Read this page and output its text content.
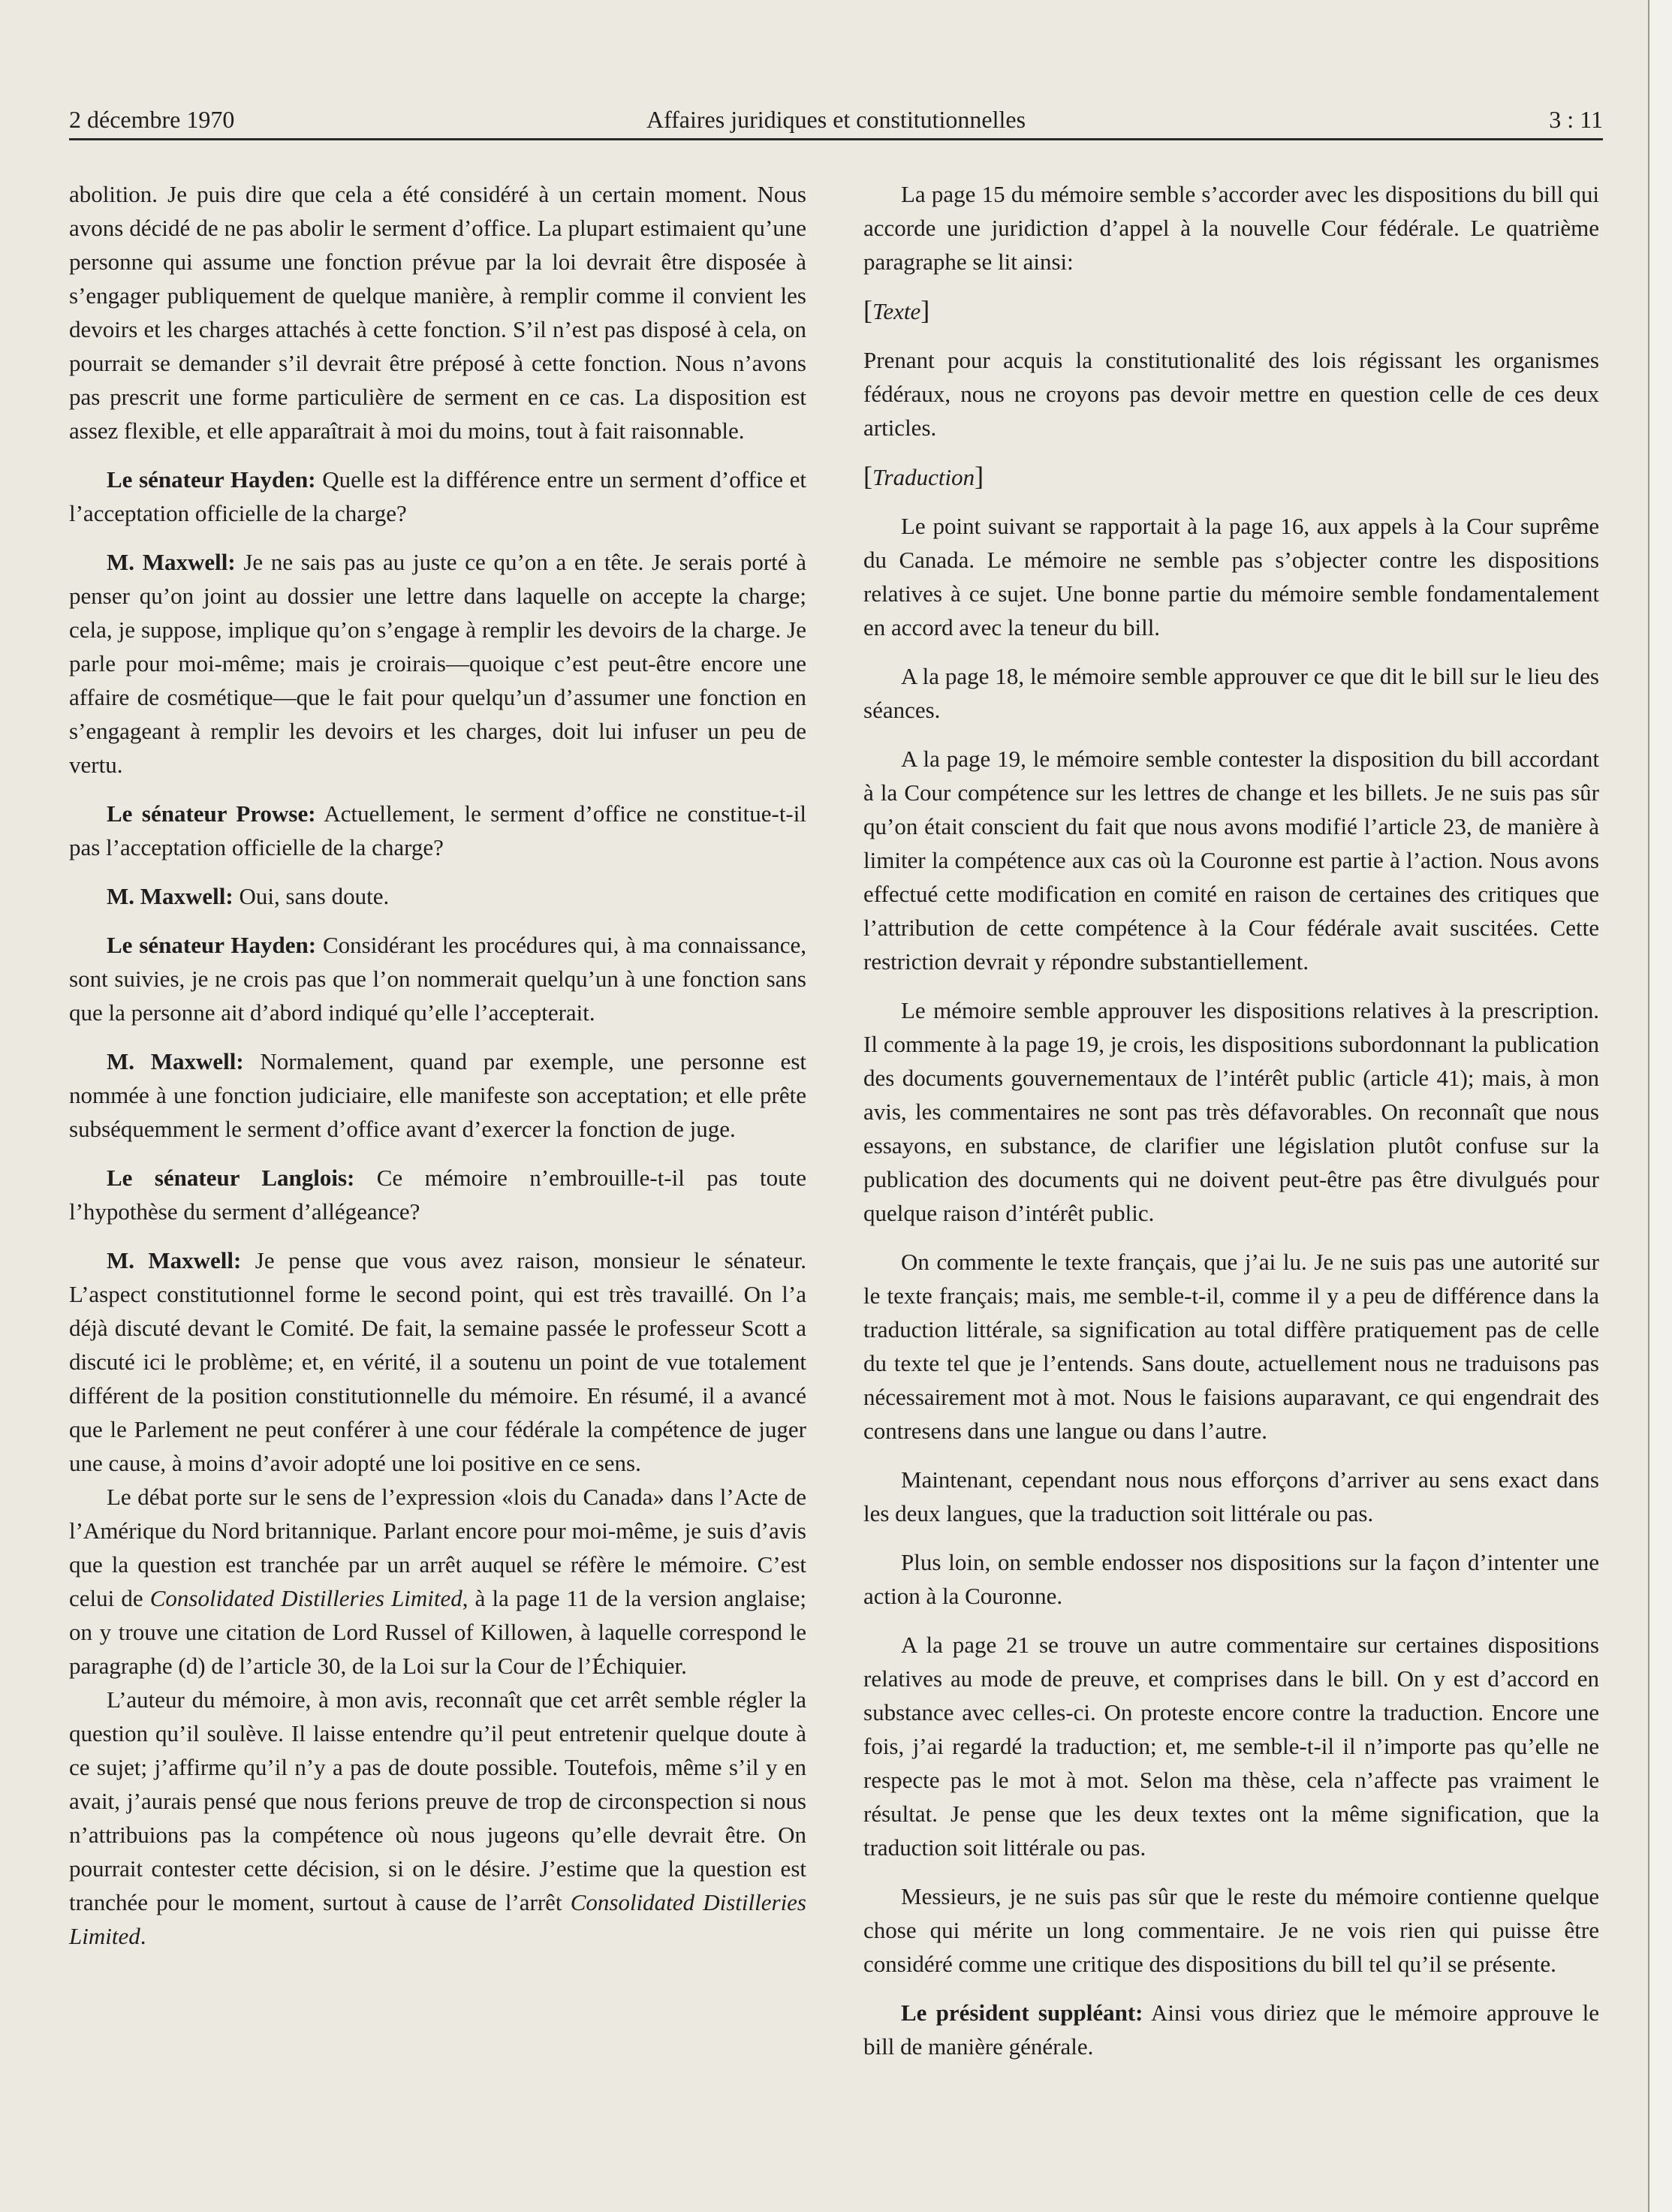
2 décembre 1970	Affaires juridiques et constitutionnelles	3 : 11

abolition. Je puis dire que cela a été considéré à un certain moment. Nous avons décidé de ne pas abolir le serment d’office. La plupart estimaient qu’une personne qui assume une fonction prévue par la loi devrait être disposée à s’engager publiquement de quelque manière, à remplir comme il convient les devoirs et les charges attachés à cette fonction. S’il n’est pas disposé à cela, on pourrait se demander s’il devrait être préposé à cette fonction. Nous n’avons pas prescrit une forme particulière de serment en ce cas. La disposition est assez flexible, et elle apparaîtrait à moi du moins, tout à fait raisonnable.

Le sénateur Hayden: Quelle est la différence entre un serment d’office et l’acceptation officielle de la charge?

M. Maxwell: Je ne sais pas au juste ce qu’on a en tête. Je serais porté à penser qu’on joint au dossier une lettre dans laquelle on accepte la charge; cela, je suppose, implique qu’on s’engage à remplir les devoirs de la charge. Je parle pour moi-même; mais je croirais—quoique c’est peut-être encore une affaire de cosmétique—que le fait pour quelqu’un d’assumer une fonction en s’engageant à remplir les devoirs et les charges, doit lui infuser un peu de vertu.

Le sénateur Prowse: Actuellement, le serment d’office ne constitue-t-il pas l’acceptation officielle de la charge?

M. Maxwell: Oui, sans doute.

Le sénateur Hayden: Considérant les procédures qui, à ma connaissance, sont suivies, je ne crois pas que l’on nommerait quelqu’un à une fonction sans que la personne ait d’abord indiqué qu’elle l’accepterait.

M. Maxwell: Normalement, quand par exemple, une personne est nommée à une fonction judiciaire, elle manifeste son acceptation; et elle prête subséquemment le serment d’office avant d’exercer la fonction de juge.

Le sénateur Langlois: Ce mémoire n’embrouille-t-il pas toute l’hypothèse du serment d’allégeance?

M. Maxwell: Je pense que vous avez raison, monsieur le sénateur. L’aspect constitutionnel forme le second point, qui est très travaillé. On l’a déjà discuté devant le Comité. De fait, la semaine passée le professeur Scott a discuté ici le problème; et, en vérité, il a soutenu un point de vue totalement différent de la position constitutionnelle du mémoire. En résumé, il a avancé que le Parlement ne peut conférer à une cour fédérale la compétence de juger une cause, à moins d’avoir adopté une loi positive en ce sens.

Le débat porte sur le sens de l’expression «lois du Canada» dans l’Acte de l’Amérique du Nord britannique. Parlant encore pour moi-même, je suis d’avis que la question est tranchée par un arrêt auquel se réfère le mémoire. C’est celui de Consolidated Distilleries Limited, à la page 11 de la version anglaise; on y trouve une citation de Lord Russel of Killowen, à laquelle correspond le paragraphe (d) de l’article 30, de la Loi sur la Cour de l’Échiquier.

L’auteur du mémoire, à mon avis, reconnaît que cet arrêt semble régler la question qu’il soulève. Il laisse entendre qu’il peut entretenir quelque doute à ce sujet; j’affirme qu’il n’y a pas de doute possible. Toutefois, même s’il y en avait, j’aurais pensé que nous ferions preuve de trop de circonspection si nous n’attribuions pas la compétence où nous jugeons qu’elle devrait être. On pourrait contester cette décision, si on le désire. J’estime que la question est tranchée pour le moment, surtout à cause de l’arrêt Consolidated Distilleries Limited.

La page 15 du mémoire semble s’accorder avec les dispositions du bill qui accorde une juridiction d’appel à la nouvelle Cour fédérale. Le quatrième paragraphe se lit ainsi:

[Texte]

Prenant pour acquis la constitutionalité des lois régissant les organismes fédéraux, nous ne croyons pas devoir mettre en question celle de ces deux articles.

[Traduction]

Le point suivant se rapportait à la page 16, aux appels à la Cour suprême du Canada. Le mémoire ne semble pas s’objecter contre les dispositions relatives à ce sujet. Une bonne partie du mémoire semble fondamentalement en accord avec la teneur du bill.

A la page 18, le mémoire semble approuver ce que dit le bill sur le lieu des séances.

A la page 19, le mémoire semble contester la disposition du bill accordant à la Cour compétence sur les lettres de change et les billets. Je ne suis pas sûr qu’on était conscient du fait que nous avons modifié l’article 23, de manière à limiter la compétence aux cas où la Couronne est partie à l’action. Nous avons effectué cette modification en comité en raison de certaines des critiques que l’attribution de cette compétence à la Cour fédérale avait suscitées. Cette restriction devrait y répondre substantiellement.

Le mémoire semble approuver les dispositions relatives à la prescription. Il commente à la page 19, je crois, les dispositions subordonnant la publication des documents gouvernementaux de l’intérêt public (article 41); mais, à mon avis, les commentaires ne sont pas très défavorables. On reconnaît que nous essayons, en substance, de clarifier une législation plutôt confuse sur la publication des documents qui ne doivent peut-être pas être divulgués pour quelque raison d’intérêt public.

On commente le texte français, que j’ai lu. Je ne suis pas une autorité sur le texte français; mais, me semble-t-il, comme il y a peu de différence dans la traduction littérale, sa signification au total diffère pratiquement pas de celle du texte tel que je l’entends. Sans doute, actuellement nous ne traduisons pas nécessairement mot à mot. Nous le faisions auparavant, ce qui engendrait des contresens dans une langue ou dans l’autre.

Maintenant, cependant nous nous efforçons d’arriver au sens exact dans les deux langues, que la traduction soit littérale ou pas.

Plus loin, on semble endosser nos dispositions sur la façon d’intenter une action à la Couronne.

A la page 21 se trouve un autre commentaire sur certaines dispositions relatives au mode de preuve, et comprises dans le bill. On y est d’accord en substance avec celles-ci. On proteste encore contre la traduction. Encore une fois, j’ai regardé la traduction; et, me semble-t-il il n’importe pas qu’elle ne respecte pas le mot à mot. Selon ma thèse, cela n’affecte pas vraiment le résultat. Je pense que les deux textes ont la même signification, que la traduction soit littérale ou pas.

Messieurs, je ne suis pas sûr que le reste du mémoire contienne quelque chose qui mérite un long commentaire. Je ne vois rien qui puisse être considéré comme une critique des dispositions du bill tel qu’il se présente.

Le président suppléant: Ainsi vous diriez que le mémoire approuve le bill de manière générale.
